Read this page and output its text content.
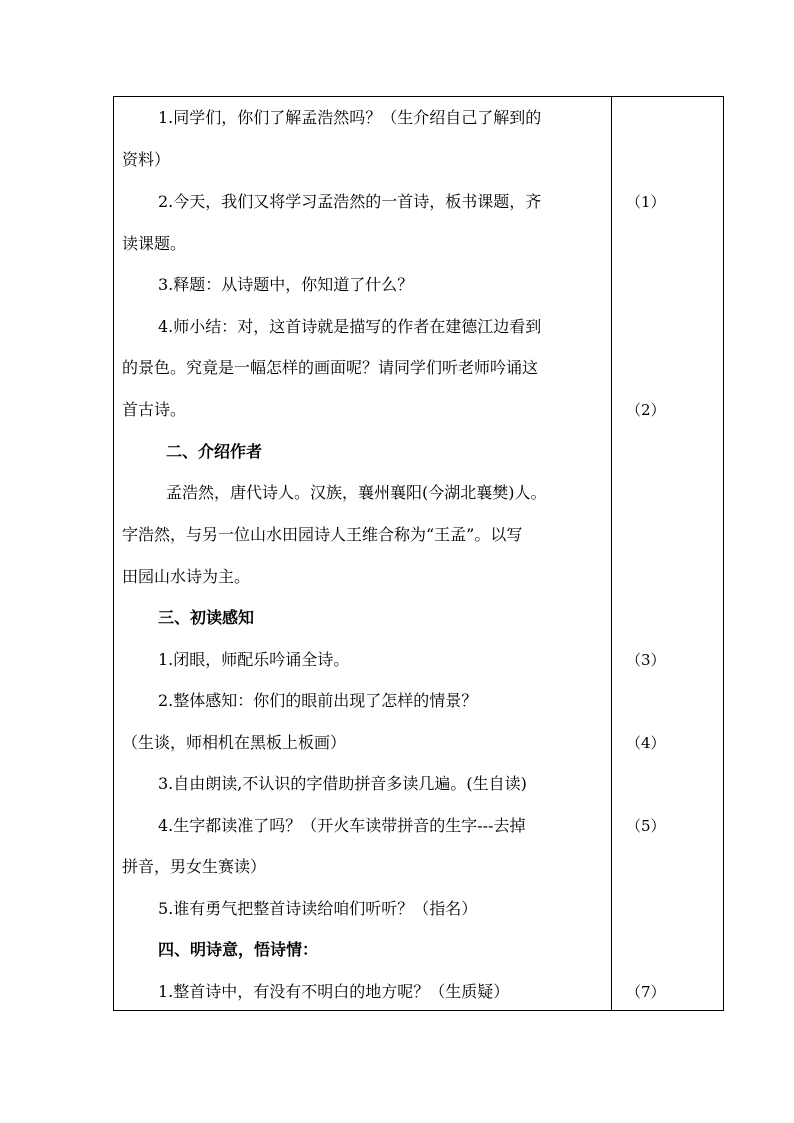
1.同学们，你们了解孟浩然吗？（生介绍自己了解到的
资料）
2.今天，我们又将学习孟浩然的一首诗，板书课题，齐
读课题。
3.释题：从诗题中，你知道了什么？
4.师小结：对，这首诗就是描写的作者在建德江边看到
的景色。究竟是一幅怎样的画面呢？请同学们听老师吟诵这
首古诗。
二、介绍作者
孟浩然，唐代诗人。汉族，襄州襄阳(今湖北襄樊)人。
字浩然，与另一位山水田园诗人王维合称为“王孟”。以写
田园山水诗为主。
三、初读感知
1.闭眼，师配乐吟诵全诗。
2.整体感知：你们的眼前出现了怎样的情景？
（生谈，师相机在黑板上板画）
3.自由朗读,不认识的字借助拼音多读几遍。(生自读)
4.生字都读准了吗？（开火车读带拼音的生字---去掉
拼音，男女生赛读）
5.谁有勇气把整首诗读给咱们听听？（指名）
四、明诗意，悟诗情：
1.整首诗中，有没有不明白的地方呢？（生质疑）
（1）
（2）
（3）
（4）
（5）
（7）
